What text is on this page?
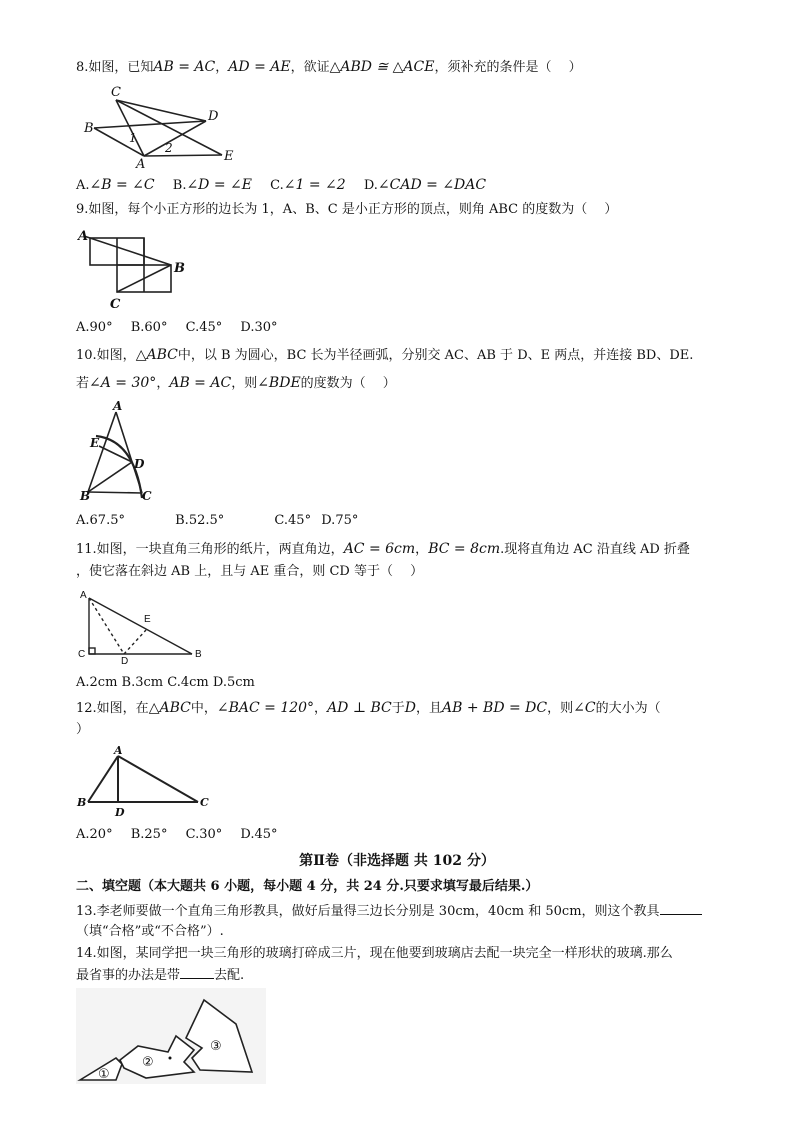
8.如图，已知AB = AC，AD = AE，欲证△ABD ≅ △ACE，须补充的条件是（　 ）
C
D
B
A
E
1
2
A.∠B = ∠C B.∠D = ∠E C.∠1 = ∠2 D.∠CAD = ∠DAC
9.如图，每个小正方形的边长为 1，A、B、C 是小正方形的顶点，则角 ABC 的度数为（　 ）
A
B
C
A.90° B.60° C.45° D.30°
10.如图，△ABC中，以 B 为圆心，BC 长为半径画弧，分别交 AC、AB 于 D、E 两点，并连接 BD、DE.
若∠A = 30°，AB = AC，则∠BDE的度数为（　 ）
A
E
D
B	C
A.67.5°	B.52.5°	C.45° D.75°
11.如图，一块直角三角形的纸片，两直角边，AC = 6cm，BC = 8cm.现将直角边 AC 沿直线 AD 折叠
，使它落在斜边 AB 上，且与 AE 重合，则 CD 等于（　 ）
A
E
C
D
B
A.2cm B.3cm C.4cm D.5cm
12.如图，在△ABC中，∠BAC = 120°，AD ⊥ BC于D，且AB + BD = DC，则∠C的大小为（
）
A
B
D
C
A.20° B.25° C.30° D.45°
第Ⅱ卷（非选择题 共 102 分）
二、填空题（本大题共 6 小题，每小题 4 分，共 24 分.只要求填写最后结果.）
13.李老师要做一个直角三角形教具，做好后量得三边长分别是 30cm，40cm 和 50cm，则这个教具
（填“合格”或“不合格”）.
14.如图，某同学把一块三角形的玻璃打碎成三片，现在他要到玻璃店去配一块完全一样形状的玻璃.那么
最省事的办法是带	去配.
①
②
③
